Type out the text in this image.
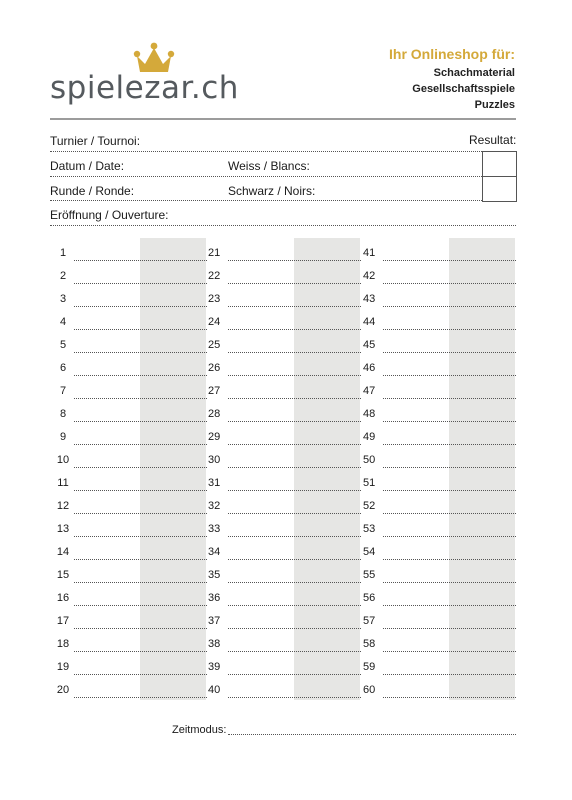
spielezar.ch
Ihr Onlineshop für:
Schachmaterial
Gesellschaftsspiele
Puzzles
Turnier / Tournoi:	Resultat:
Datum / Date:	Weiss / Blancs:
Runde / Ronde:	Schwarz / Noirs:
Eröffnung / Ouverture:
1
2
3
4
5
6
7
8
9
10
11
12
13
14
15
16
17
18
19
20
21
22
23
24
25
26
27
28
29
30
31
32
33
34
35
36
37
38
39
40
41
42
43
44
45
46
47
48
49
50
51
52
53
54
55
56
57
58
59
60
Zeitmodus:
